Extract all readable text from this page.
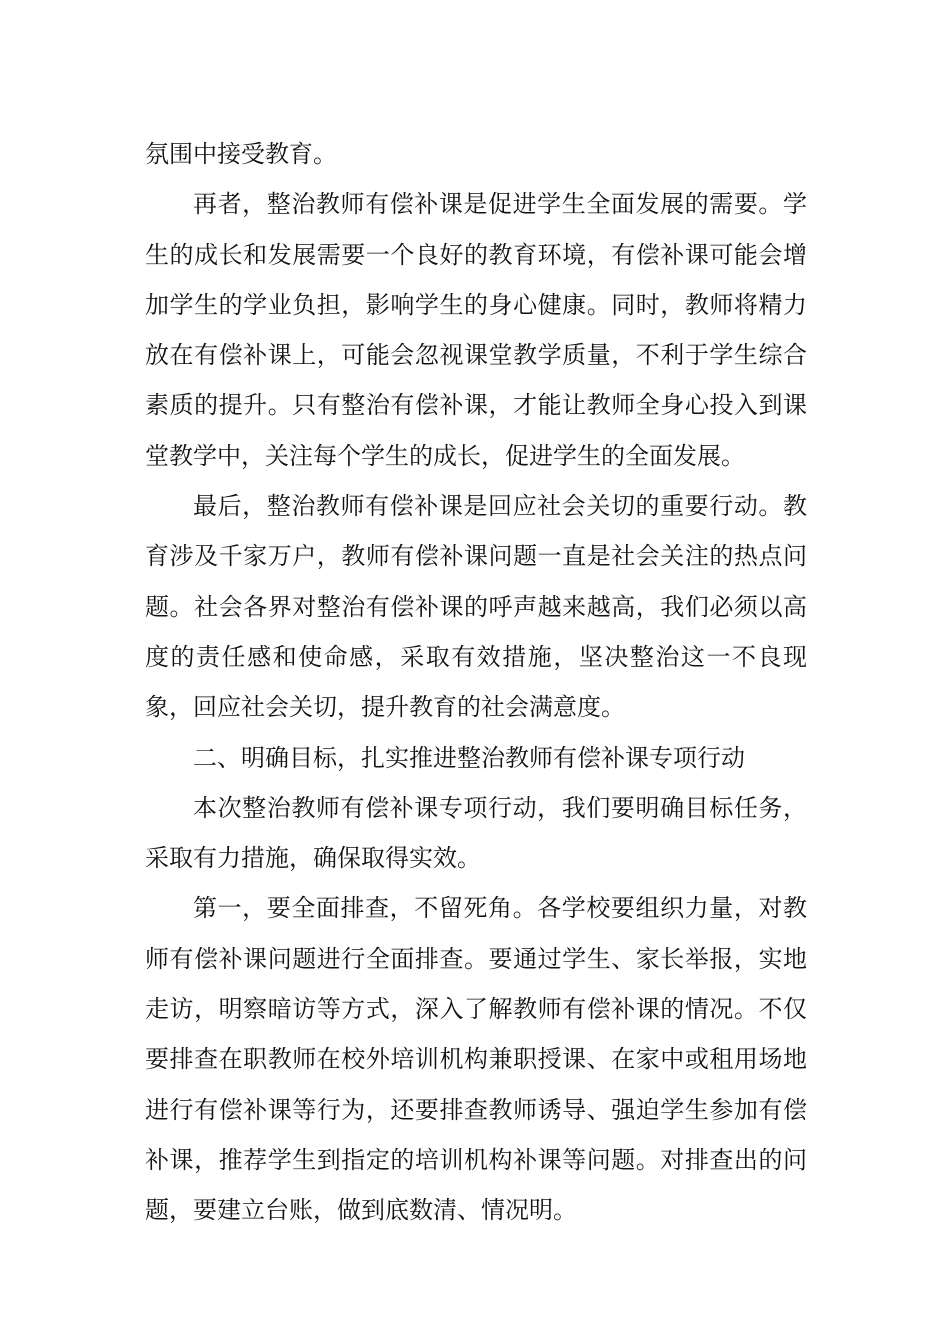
氛围中接受教育。

再者，整治教师有偿补课是促进学生全面发展的需要。学生的成长和发展需要一个良好的教育环境，有偿补课可能会增加学生的学业负担，影响学生的身心健康。同时，教师将精力放在有偿补课上，可能会忽视课堂教学质量，不利于学生综合素质的提升。只有整治有偿补课，才能让教师全身心投入到课堂教学中，关注每个学生的成长，促进学生的全面发展。

最后，整治教师有偿补课是回应社会关切的重要行动。教育涉及千家万户，教师有偿补课问题一直是社会关注的热点问题。社会各界对整治有偿补课的呼声越来越高，我们必须以高度的责任感和使命感，采取有效措施，坚决整治这一不良现象，回应社会关切，提升教育的社会满意度。

二、明确目标，扎实推进整治教师有偿补课专项行动

本次整治教师有偿补课专项行动，我们要明确目标任务，采取有力措施，确保取得实效。

第一，要全面排查，不留死角。各学校要组织力量，对教师有偿补课问题进行全面排查。要通过学生、家长举报，实地走访，明察暗访等方式，深入了解教师有偿补课的情况。不仅要排查在职教师在校外培训机构兼职授课、在家中或租用场地进行有偿补课等行为，还要排查教师诱导、强迫学生参加有偿补课，推荐学生到指定的培训机构补课等问题。对排查出的问题，要建立台账，做到底数清、情况明。
